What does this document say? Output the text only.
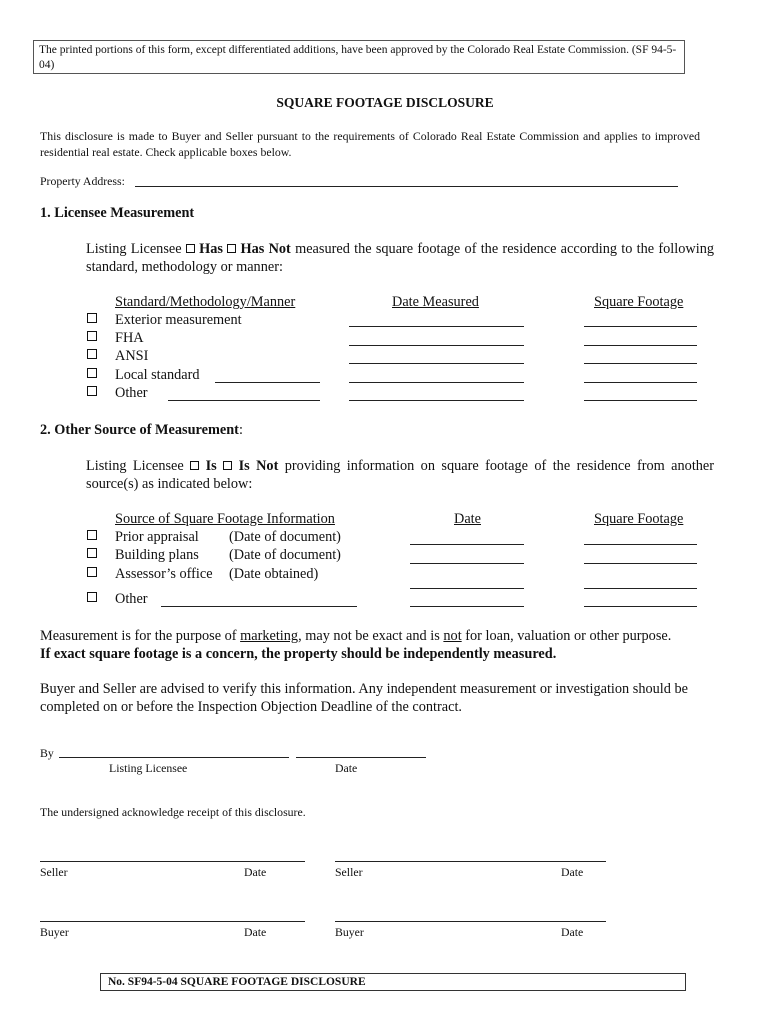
The printed portions of this form, except differentiated additions, have been approved by the Colorado Real Estate Commission. (SF 94-5-04)
SQUARE FOOTAGE DISCLOSURE
This disclosure is made to Buyer and Seller pursuant to the requirements of Colorado Real Estate Commission and applies to improved residential real estate. Check applicable boxes below.
Property Address:
1. Licensee Measurement
Listing Licensee Has Has Not measured the square footage of the residence according to the following standard, methodology or manner:
Standard/Methodology/Manner	Date Measured	Square Footage
Exterior measurement
FHA
ANSI
Local standard
Other
2. Other Source of Measurement:
Listing Licensee Is Is Not providing information on square footage of the residence from another source(s) as indicated below:
Source of Square Footage Information	Date	Square Footage
Prior appraisal (Date of document)
Building plans (Date of document)
Assessor’s office (Date obtained)
Other
Measurement is for the purpose of marketing, may not be exact and is not for loan, valuation or other purpose.
If exact square footage is a concern, the property should be independently measured.
Buyer and Seller are advised to verify this information. Any independent measurement or investigation should be completed on or before the Inspection Objection Deadline of the contract.
By
Listing Licensee	Date
The undersigned acknowledge receipt of this disclosure.
Seller	Date	Seller	Date
Buyer	Date	Buyer	Date
No. SF94-5-04 SQUARE FOOTAGE DISCLOSURE
